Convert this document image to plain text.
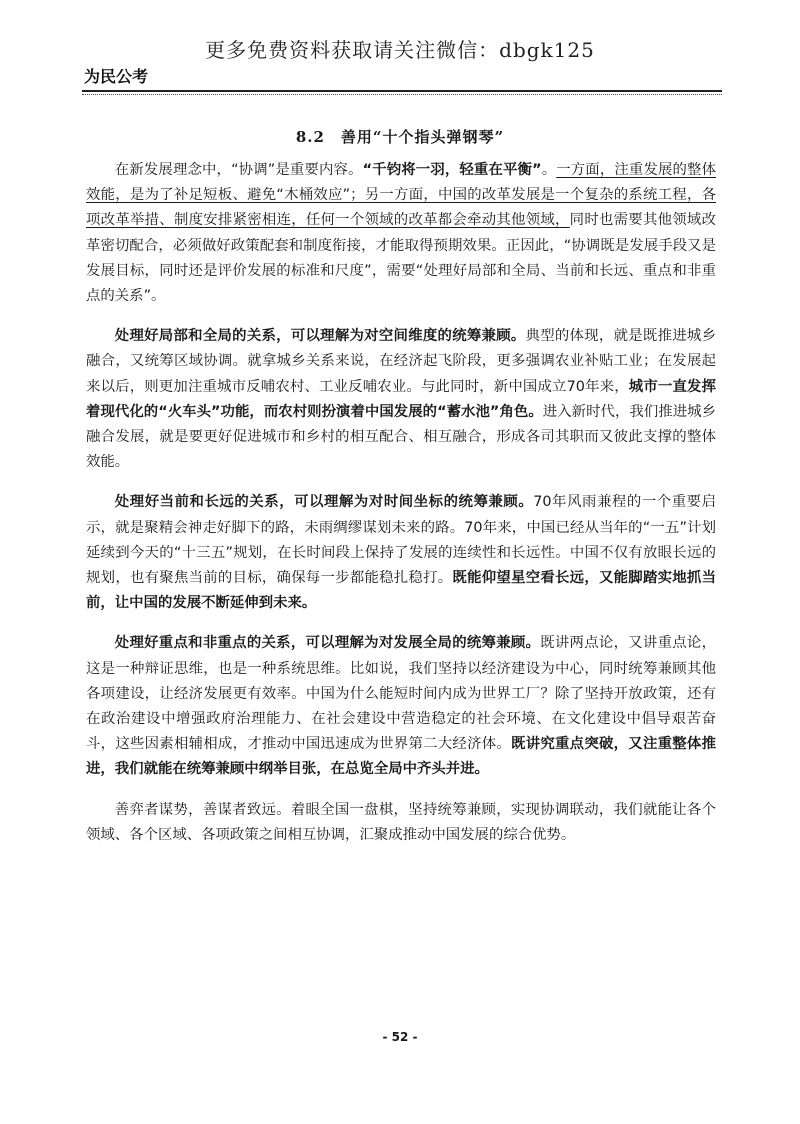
更多免费资料获取请关注微信：dbgk125
为民公考
8.2　善用“十个指头弹钢琴”

在新发展理念中，“协调”是重要内容。“千钧将一羽，轻重在平衡”。一方面，注重发展的整体效能，是为了补足短板、避免“木桶效应”；另一方面，中国的改革发展是一个复杂的系统工程，各项改革举措、制度安排紧密相连，任何一个领域的改革都会牵动其他领域，同时也需要其他领域改革密切配合，必须做好政策配套和制度衔接，才能取得预期效果。正因此，“协调既是发展手段又是发展目标，同时还是评价发展的标准和尺度”，需要“处理好局部和全局、当前和长远、重点和非重点的关系”。

处理好局部和全局的关系，可以理解为对空间维度的统筹兼顾。典型的体现，就是既推进城乡融合，又统筹区域协调。就拿城乡关系来说，在经济起飞阶段，更多强调农业补贴工业；在发展起来以后，则更加注重城市反哺农村、工业反哺农业。与此同时，新中国成立70年来，城市一直发挥着现代化的“火车头”功能，而农村则扮演着中国发展的“蓄水池”角色。进入新时代，我们推进城乡融合发展，就是要更好促进城市和乡村的相互配合、相互融合，形成各司其职而又彼此支撑的整体效能。

处理好当前和长远的关系，可以理解为对时间坐标的统筹兼顾。70年风雨兼程的一个重要启示，就是聚精会神走好脚下的路，未雨绸缪谋划未来的路。70年来，中国已经从当年的“一五”计划延续到今天的“十三五”规划，在长时间段上保持了发展的连续性和长远性。中国不仅有放眼长远的规划，也有聚焦当前的目标，确保每一步都能稳扎稳打。既能仰望星空看长远，又能脚踏实地抓当前，让中国的发展不断延伸到未来。

处理好重点和非重点的关系，可以理解为对发展全局的统筹兼顾。既讲两点论，又讲重点论，这是一种辩证思维，也是一种系统思维。比如说，我们坚持以经济建设为中心，同时统筹兼顾其他各项建设，让经济发展更有效率。中国为什么能短时间内成为世界工厂？除了坚持开放政策，还有在政治建设中增强政府治理能力、在社会建设中营造稳定的社会环境、在文化建设中倡导艰苦奋斗，这些因素相辅相成，才推动中国迅速成为世界第二大经济体。既讲究重点突破，又注重整体推进，我们就能在统筹兼顾中纲举目张，在总览全局中齐头并进。

善弈者谋势，善谋者致远。着眼全国一盘棋，坚持统筹兼顾，实现协调联动，我们就能让各个领域、各个区域、各项政策之间相互协调，汇聚成推动中国发展的综合优势。

- 52 -
